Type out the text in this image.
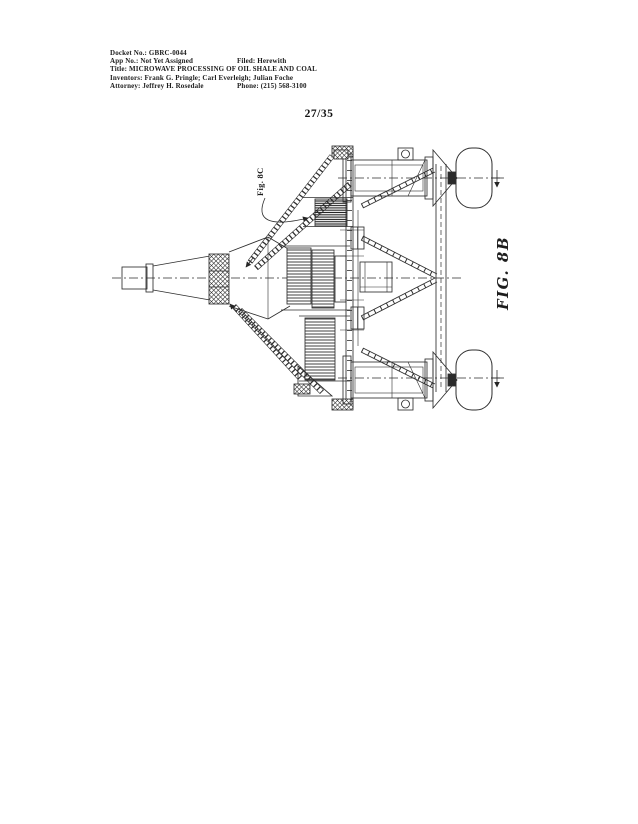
Docket No.: GBRC-0044
App No.: Not Yet Assigned	Filed: Herewith
Title: MICROWAVE PROCESSING OF OIL SHALE AND COAL
Inventors: Frank G. Pringle; Carl Everleigh; Julian Foche
Attorney: Jeffrey H. Rosedale	Phone: (215) 568-3100
27/35
Fig. 8C
FIG. 8B
